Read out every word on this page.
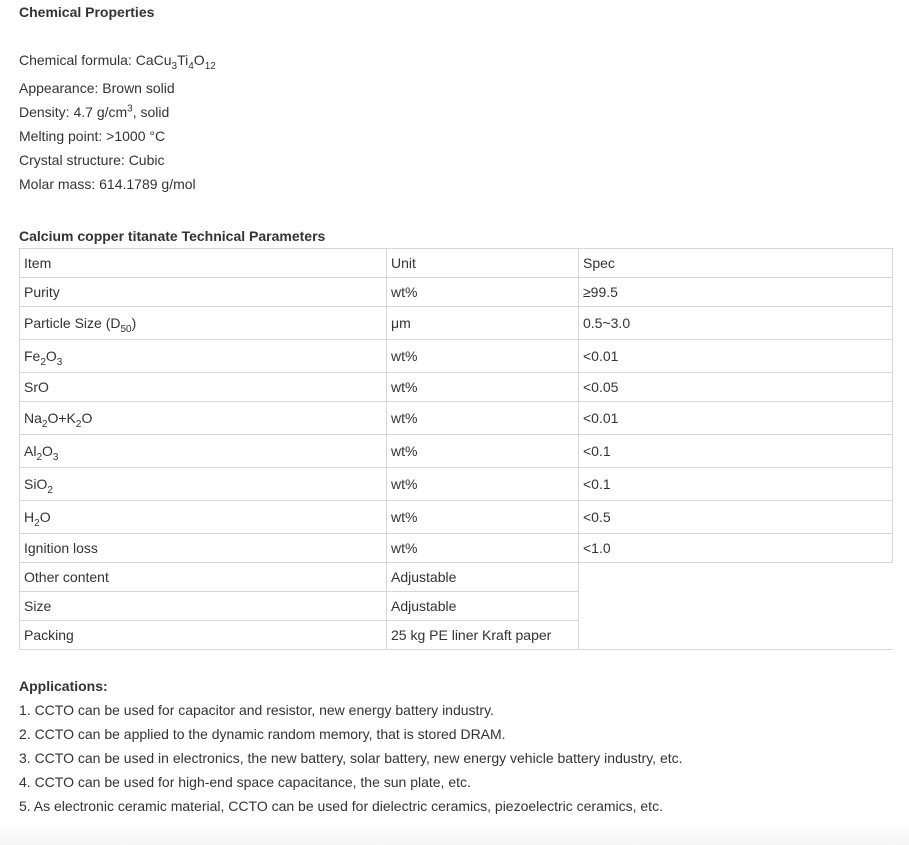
Chemical Properties
Chemical formula: $CaCu_3Ti_4O_{12}$
Appearance: Brown solid
Density: 4.7 $g/cm^3$, solid
Melting point: >1000 °C
Crystal structure: Cubic
Molar mass: 614.1789 g/mol
Calcium copper titanate Technical Parameters
Item	Unit	Spec
Purity	wt%	≥99.5
Particle Size $(D_{50})$	μm	0.5~3.0
$Fe_2O_3$	wt%	<0.01
SrO	wt%	<0.05
$Na_2O+K_2O$	wt%	<0.01
$Al_2O_3$	wt%	<0.1
SiO$_2$	wt%	<0.1
$H_2O$	wt%	<0.5
Ignition loss	wt%	<1.0
Other content	Adjustable	
Size	Adjustable	
Packing	25 kg PE liner Kraft paper	
Applications:
1. CCTO can be used for capacitor and resistor, new energy battery industry.
2. CCTO can be applied to the dynamic random memory, that is stored DRAM.
3. CCTO can be used in electronics, the new battery, solar battery, new energy vehicle battery industry, etc.
4. CCTO can be used for high-end space capacitance, the sun plate, etc.
5. As electronic ceramic material, CCTO can be used for dielectric ceramics, piezoelectric ceramics, etc.
